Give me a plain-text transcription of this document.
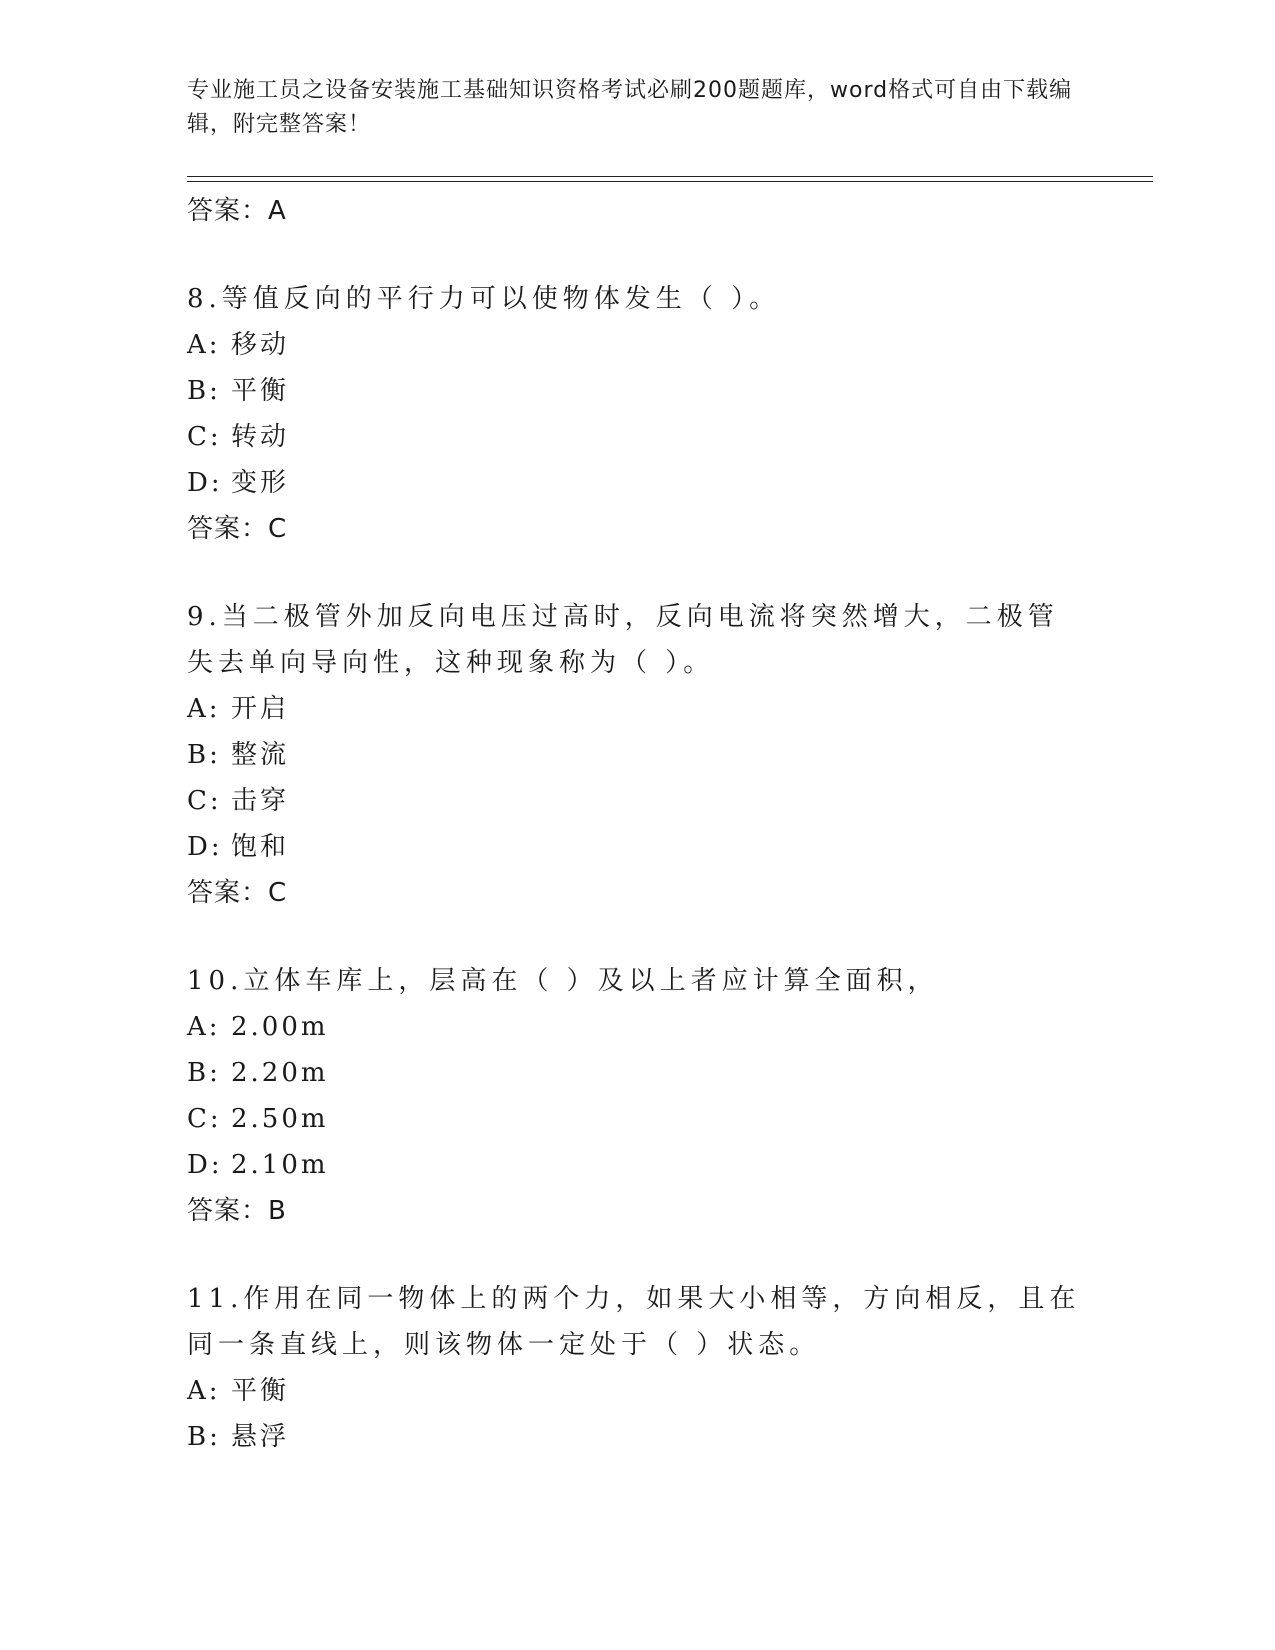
专业施工员之设备安装施工基础知识资格考试必刷200题题库，word格式可自由下载编辑，附完整答案！
答案：A
8.等值反向的平行力可以使物体发生（ ）。
A: 移动
B: 平衡
C: 转动
D: 变形
答案：C
9.当二极管外加反向电压过高时，反向电流将突然增大，二极管失去单向导向性，这种现象称为（ ）。
A: 开启
B: 整流
C: 击穿
D: 饱和
答案：C
10.立体车库上，层高在（ ）及以上者应计算全面积，
A: 2.00m
B: 2.20m
C: 2.50m
D: 2.10m
答案：B
11.作用在同一物体上的两个力，如果大小相等，方向相反，且在同一条直线上，则该物体一定处于（ ）状态。
A: 平衡
B: 悬浮
